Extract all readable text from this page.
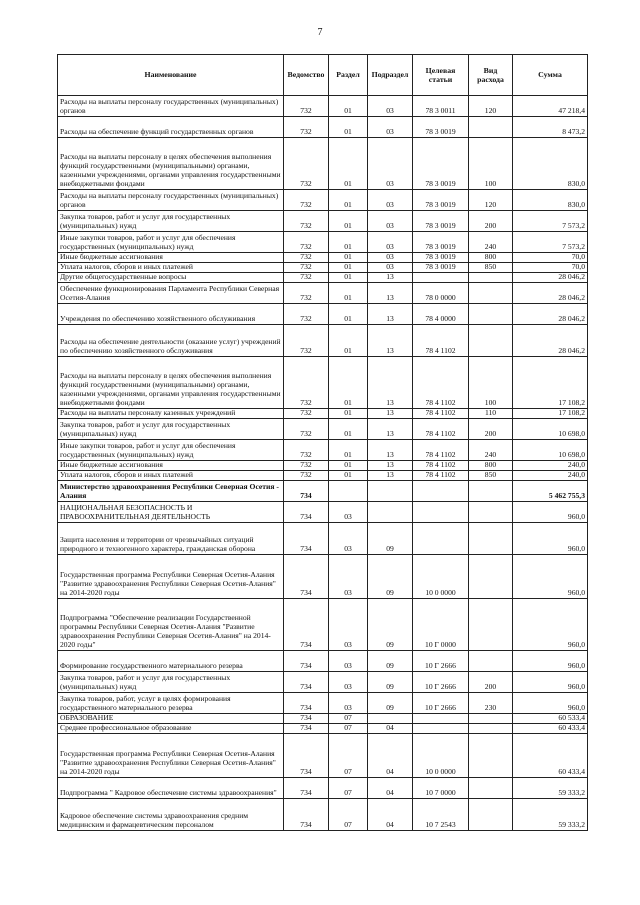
7
Наименование	Ведомство	Раздел	Подраздел	Целевая статьи	Вид расхода	Сумма
Расходы на выплаты персоналу государственных (муниципальных) органов	732	01	03	78 3 0011	120	47 218,4
Расходы на обеспечение функций государственных органов	732	01	03	78 3 0019		8 473,2
Расходы на выплаты персоналу в целях обеспечения выполнения функций государственными (муниципальными) органами, казенными учреждениями, органами управления государственными внебюджетными фондами	732	01	03	78 3 0019	100	830,0
Расходы на выплаты персоналу государственных (муниципальных) органов	732	01	03	78 3 0019	120	830,0
Закупка товаров, работ и услуг для государственных (муниципальных) нужд	732	01	03	78 3 0019	200	7 573,2
Иные закупки товаров, работ и услуг для обеспечения государственных (муниципальных) нужд	732	01	03	78 3 0019	240	7 573,2
Иные бюджетные ассигнования	732	01	03	78 3 0019	800	70,0
Уплата налогов, сборов и иных платежей	732	01	03	78 3 0019	850	70,0
Другие общегосударственные вопросы	732	01	13			28 046,2
Обеспечение функционирования Парламента Республики Северная Осетия-Алания	732	01	13	78 0 0000		28 046,2
Учреждения по обеспечению хозяйственного обслуживания	732	01	13	78 4 0000		28 046,2
Расходы на обеспечение деятельности (оказание услуг) учреждений по обеспечению хозяйственного обслуживания	732	01	13	78 4 1102		28 046,2
Расходы на выплаты персоналу в целях обеспечения выполнения функций государственными (муниципальными) органами, казенными учреждениями, органами управления государственными внебюджетными фондами	732	01	13	78 4 1102	100	17 108,2
Расходы на выплаты персоналу казенных учреждений	732	01	13	78 4 1102	110	17 108,2
Закупка товаров, работ и услуг для государственных (муниципальных) нужд	732	01	13	78 4 1102	200	10 698,0
Иные закупки товаров, работ и услуг для обеспечения государственных (муниципальных) нужд	732	01	13	78 4 1102	240	10 698,0
Иные бюджетные ассигнования	732	01	13	78 4 1102	800	240,0
Уплата налогов, сборов и иных платежей	732	01	13	78 4 1102	850	240,0
Министерство здравоохранения Республики Северная Осетия - Алания	734					5 462 755,3
НАЦИОНАЛЬНАЯ БЕЗОПАСНОСТЬ И ПРАВООХРАНИТЕЛЬНАЯ ДЕЯТЕЛЬНОСТЬ	734	03				960,0
Защита населения и территории от чрезвычайных ситуаций природного и техногенного характера, гражданская оборона	734	03	09			960,0
Государственная программа Республики Северная Осетия-Алания "Развитие здравоохранения Республики Северная Осетия-Алания" на 2014-2020 годы	734	03	09	10 0 0000		960,0
Подпрограмма "Обеспечение реализации Государственной программы Республики Северная Осетия-Алания "Развитие здравоохранения Республики Северная Осетия-Алания" на 2014-2020 годы"	734	03	09	10 Г 0000		960,0
Формирование государственного материального резерва	734	03	09	10 Г 2666		960,0
Закупка товаров, работ и услуг для государственных (муниципальных) нужд	734	03	09	10 Г 2666	200	960,0
Закупка товаров, работ, услуг в целях формирования государственного материального резерва	734	03	09	10 Г 2666	230	960,0
ОБРАЗОВАНИЕ	734	07				60 533,4
Среднее профессиональное образование	734	07	04			60 433,4
Государственная программа Республики Северная Осетия-Алания "Развитие здравоохранения Республики Северная Осетия-Алания" на 2014-2020 годы	734	07	04	10 0 0000		60 433,4
Подпрограмма " Кадровое обеспечение системы здравоохранения"	734	07	04	10 7 0000		59 333,2
Кадровое обеспечение системы здравоохранения средним медицинским и фармацевтическим персоналом	734	07	04	10 7 2543		59 333,2
